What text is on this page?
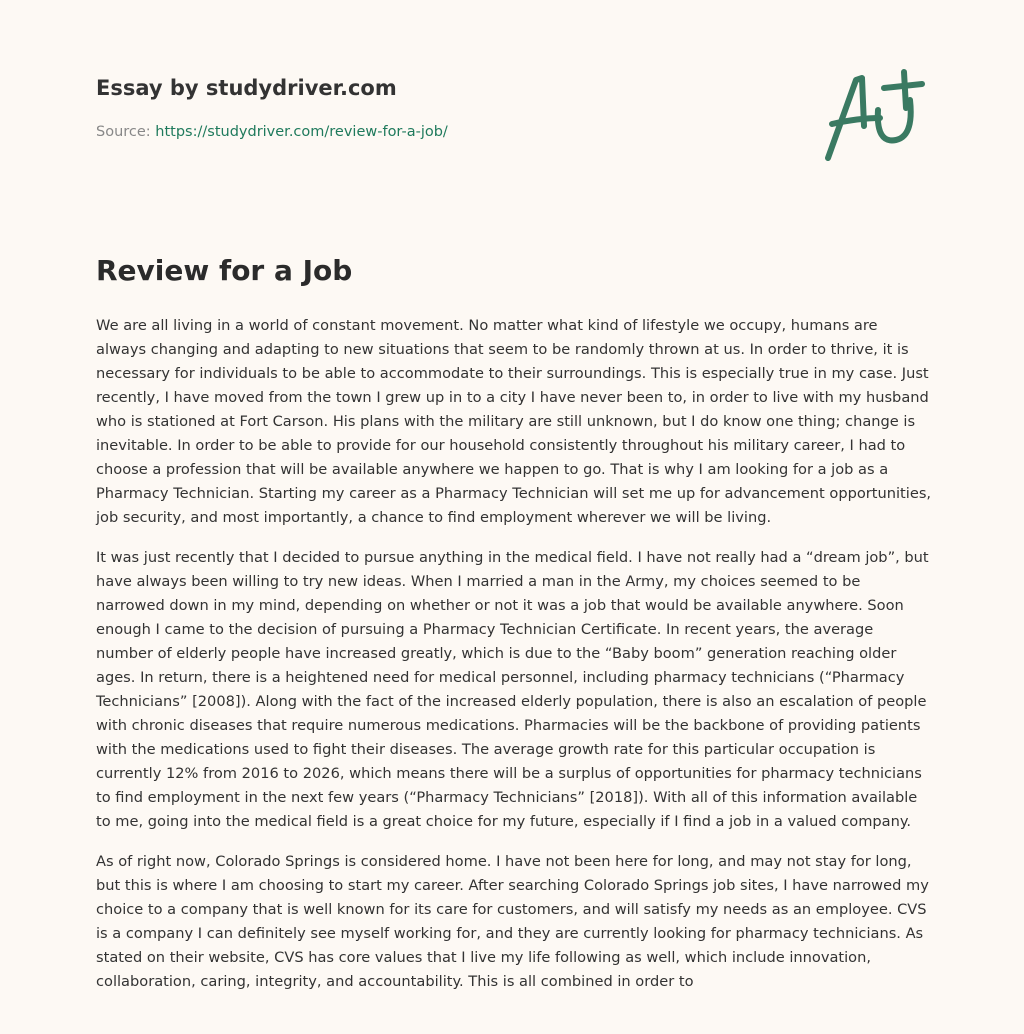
Essay by studydriver.com
Source: https://studydriver.com/review-for-a-job/
Review for a Job

We are all living in a world of constant movement. No matter what kind of lifestyle we occupy, humans are always changing and adapting to new situations that seem to be randomly thrown at us. In order to thrive, it is necessary for individuals to be able to accommodate to their surroundings. This is especially true in my case. Just recently, I have moved from the town I grew up in to a city I have never been to, in order to live with my husband who is stationed at Fort Carson. His plans with the military are still unknown, but I do know one thing; change is inevitable. In order to be able to provide for our household consistently throughout his military career, I had to choose a profession that will be available anywhere we happen to go. That is why I am looking for a job as a Pharmacy Technician. Starting my career as a Pharmacy Technician will set me up for advancement opportunities, job security, and most importantly, a chance to find employment wherever we will be living.

It was just recently that I decided to pursue anything in the medical field. I have not really had a “dream job”, but have always been willing to try new ideas. When I married a man in the Army, my choices seemed to be narrowed down in my mind, depending on whether or not it was a job that would be available anywhere. Soon enough I came to the decision of pursuing a Pharmacy Technician Certificate. In recent years, the average number of elderly people have increased greatly, which is due to the “Baby boom” generation reaching older ages. In return, there is a heightened need for medical personnel, including pharmacy technicians (“Pharmacy Technicians” [2008]). Along with the fact of the increased elderly population, there is also an escalation of people with chronic diseases that require numerous medications. Pharmacies will be the backbone of providing patients with the medications used to fight their diseases. The average growth rate for this particular occupation is currently 12% from 2016 to 2026, which means there will be a surplus of opportunities for pharmacy technicians to find employment in the next few years (“Pharmacy Technicians” [2018]). With all of this information available to me, going into the medical field is a great choice for my future, especially if I find a job in a valued company.

As of right now, Colorado Springs is considered home. I have not been here for long, and may not stay for long, but this is where I am choosing to start my career. After searching Colorado Springs job sites, I have narrowed my choice to a company that is well known for its care for customers, and will satisfy my needs as an employee. CVS is a company I can definitely see myself working for, and they are currently looking for pharmacy technicians. As stated on their website, CVS has core values that I live my life following as well, which include innovation, collaboration, caring, integrity, and accountability. This is all combined in order to
